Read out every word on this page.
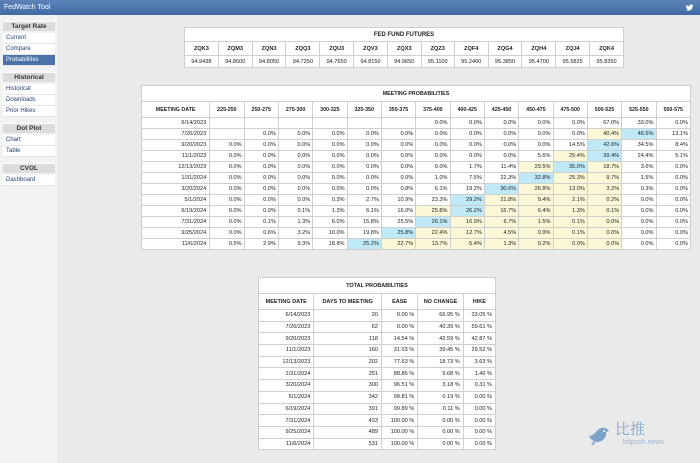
FedWatch Tool
Target Rate
Current
Compare
Probabilities
Historical
Historical
Downloads
Prior Hikes
Dot Plot
Chart
Table
CVOL
Dashboard
FED FUND FUTURES												
ZQK3	ZQM3	ZQN3	ZQQ3	ZQU3	ZQV3	ZQX3	ZQZ3	ZQF4	ZQG4	ZQH4	ZQJ4	ZQK4
94.9438	94.8600	94.8050	94.7250	94.7650	94.8150	94.9650	95.1100	95.2400	95.3850	95.4700	95.5825	95.8350
MEETING PROBABILITIES														
MEETING DATE	225-250	250-275	275-300	300-325	325-350	350-375	375-400	400-425	425-450	450-475	475-500	500-525	525-550	550-575
6/14/2023							0.0%	0.0%	0.0%	0.0%	0.0%	67.0%	33.0%	0.0%
7/26/2023		0.0%	0.0%	0.0%	0.0%	0.0%	0.0%	0.0%	0.0%	0.0%	0.0%	40.4%	46.5%	13.1%
9/20/2023	0.0%	0.0%	0.0%	0.0%	0.0%	0.0%	0.0%	0.0%	0.0%	0.0%	14.5%	42.6%	34.5%	8.4%
11/1/2023	0.0%	0.0%	0.0%	0.0%	0.0%	0.0%	0.0%	0.0%	0.0%	5.6%	25.4%	39.4%	24.4%	5.1%
12/13/2023	0.0%	0.0%	0.0%	0.0%	0.0%	0.0%	0.0%	1.7%	11.4%	29.5%	35.0%	18.7%	3.6%	0.0%
1/31/2024	0.0%	0.0%	0.0%	0.0%	0.0%	0.0%	1.0%	7.5%	22.3%	32.8%	25.3%	9.7%	1.5%	0.0%
3/20/2024	0.0%	0.0%	0.0%	0.0%	0.0%	0.8%	6.1%	19.2%	30.6%	26.8%	13.0%	3.2%	0.3%	0.0%
5/1/2024	0.0%	0.0%	0.0%	0.3%	2.7%	10.9%	23.3%	29.2%	21.8%	9.4%	2.1%	0.2%	0.0%	0.0%
6/19/2024	0.0%	0.0%	0.1%	1.3%	6.1%	16.0%	25.8%	26.2%	16.7%	6.4%	1.3%	0.1%	0.0%	0.0%
7/31/2024	0.0%	0.1%	1.3%	6.0%	15.8%	25.5%	26.1%	16.9%	6.7%	1.5%	0.1%	0.0%	0.0%	0.0%
9/25/2024	0.0%	0.6%	3.2%	10.0%	19.8%	25.8%	22.4%	12.7%	4.5%	0.9%	0.1%	0.0%	0.0%	0.0%
11/6/2024	0.5%	2.9%	9.3%	18.8%	25.2%	22.7%	13.7%	5.4%	1.3%	0.2%	0.0%	0.0%	0.0%	0.0%
TOTAL PROBABILITIES				
MEETING DATE	DAYS TO MEETING	EASE	NO CHANGE	HIKE
6/14/2023	20	0.00 %	66.95 %	33.05 %
7/26/2023	62	0.00 %	40.39 %	59.61 %
9/20/2023	118	14.54 %	42.59 %	42.87 %
11/1/2023	160	31.03 %	39.45 %	29.52 %
12/13/2023	202	77.63 %	18.73 %	3.63 %
1/31/2024	251	88.86 %	9.68 %	1.46 %
3/20/2024	300	96.51 %	3.18 %	0.31 %
5/1/2024	342	99.81 %	0.19 %	0.00 %
6/19/2024	391	99.89 %	0.11 %	0.00 %
7/31/2024	433	100.00 %	0.00 %	0.00 %
9/25/2024	489	100.00 %	0.00 %	0.00 %
11/6/2024	531	100.00 %	0.00 %	0.00 %
比推
bitpush.news
